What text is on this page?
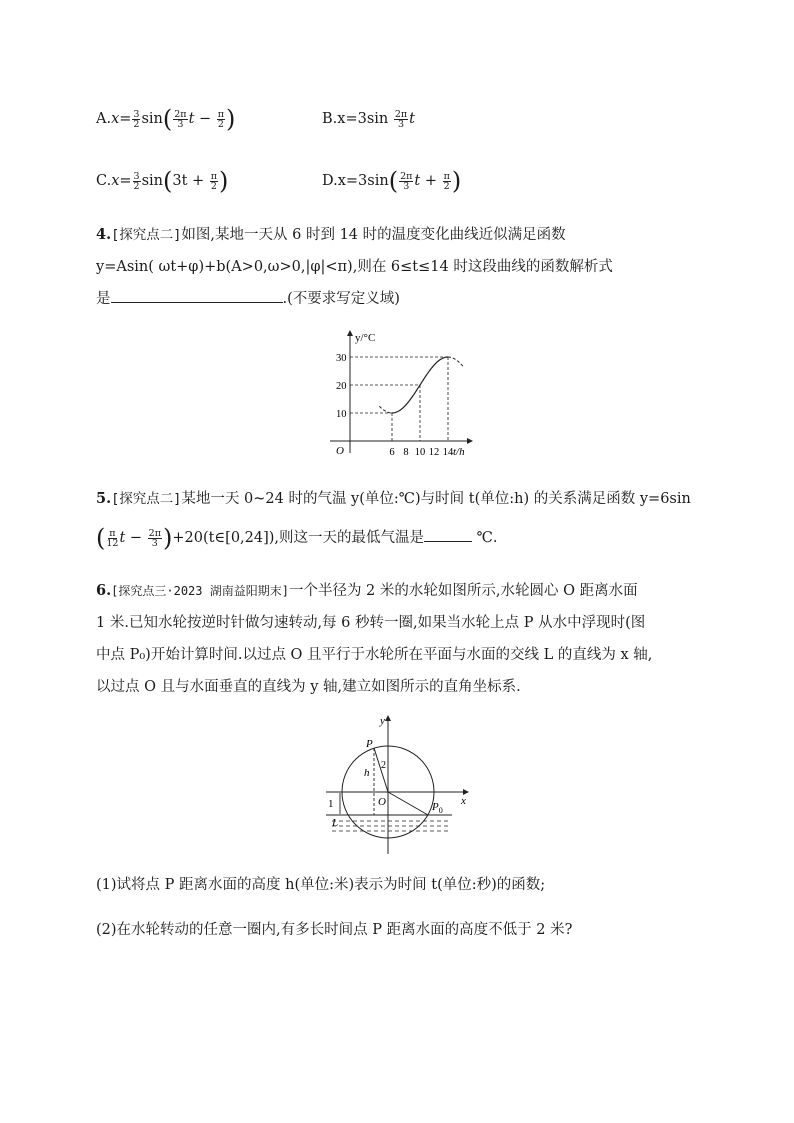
$A.x= \frac{3}{2} \sin( \frac{2\pi}{3}$ $t - \frac{\pi}{2}$ )	$B.x=3\sin \frac{2\pi}{3}$ t
$C.x= \frac{3}{2} \sin(3t + \frac{\pi}{2}$ )	$D.x=3\sin( \frac{2\pi}{3}$ $t + \frac{\pi}{2}$ )
4.[探究点二]如图,某地一天从 6 时到 14 时的温度变化曲线近似满足函数
y=Asin( ωt+φ)+b(A>0,ω>0,|φ|<π),则在 6≤t≤14 时这段曲线的函数解析式
是	.(不要求写定义域)
10
20
30
6 8 10 12 14
y/°C
t/h
O
5.[探究点二]某地一天 0~24 时的气温 y(单位:℃)与时间 t(单位:h) 的关系满足函数 y=6sin
( $\frac{\pi}{12}$ $t - \frac{2\pi}{3}$ )+20(t∈[0,24]),则这一天的最低气温是	℃.
6.[探究点三·2023 湖南益阳期末]一个半径为 2 米的水轮如图所示,水轮圆心 O 距离水面
1 米.已知水轮按逆时针做匀速转动,每 6 秒转一圈,如果当水轮上点 P 从水中浮现时(图
中点 P₀)开始计算时间.以过点 O 且平行于水轮所在平面与水面的交线 L 的直线为 x 轴,
以过点 O 且与水面垂直的直线为 y 轴,建立如图所示的直角坐标系.
1
y
x
O
P
h
2
$P_0$
L
(1)试将点 P 距离水面的高度 h(单位:米)表示为时间 t(单位:秒)的函数;
(2)在水轮转动的任意一圈内,有多长时间点 P 距离水面的高度不低于 2 米?
